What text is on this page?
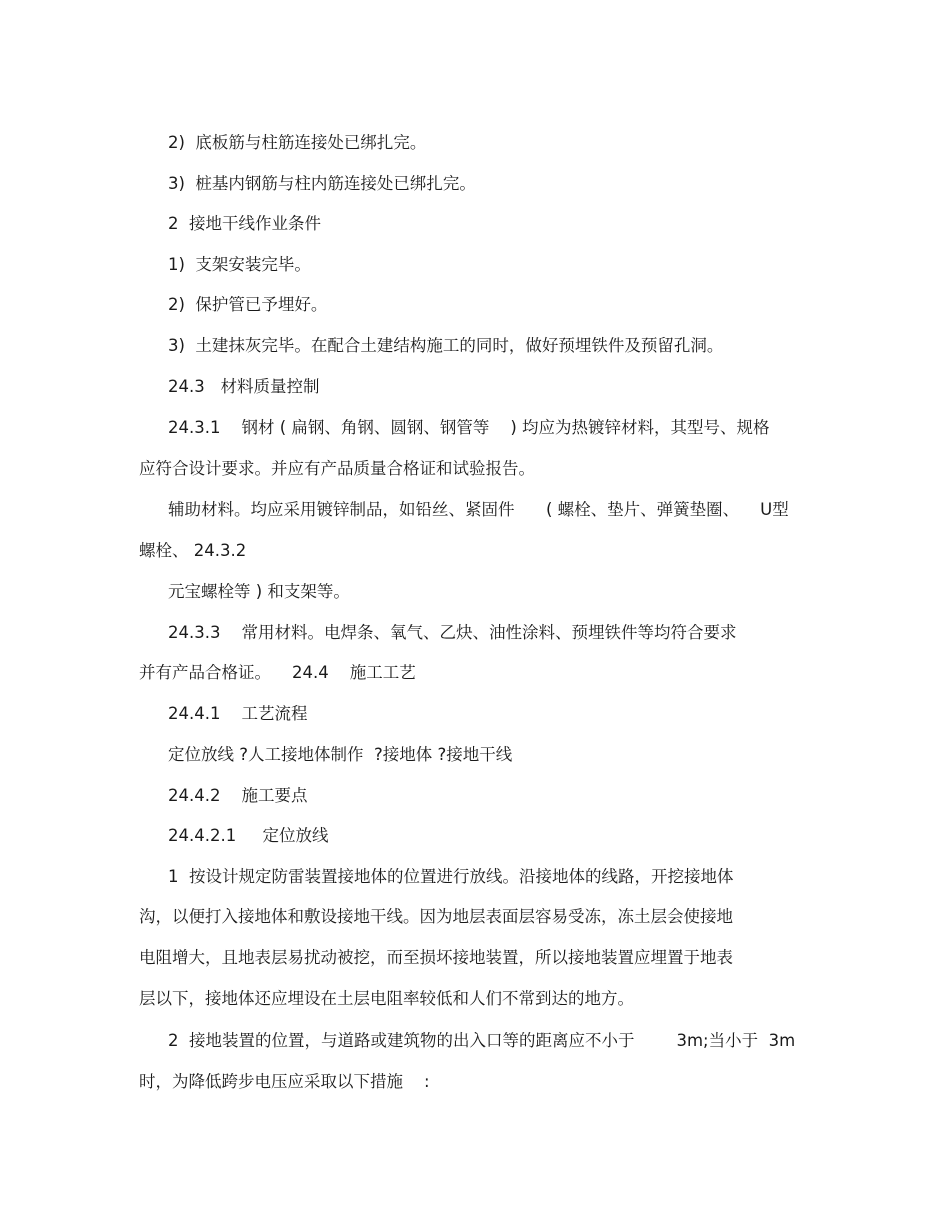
2)  底板筋与柱筋连接处已绑扎完。
3)  桩基内钢筋与柱内筋连接处已绑扎完。
2  接地干线作业条件
1)  支架安装完毕。
2)  保护管已予埋好。
3)  土建抹灰完毕。在配合土建结构施工的同时，做好预埋铁件及预留孔洞。
24.3   材料质量控制
24.3.1    钢材 ( 扁钢、角钢、圆钢、钢管等    ) 均应为热镀锌材料，其型号、规格
应符合设计要求。并应有产品质量合格证和试验报告。
辅助材料。均应采用镀锌制品，如铅丝、紧固件      ( 螺栓、垫片、弹簧垫圈、    U型
螺栓、 24.3.2
元宝螺栓等 ) 和支架等。
24.3.3    常用材料。电焊条、氧气、乙炔、油性涂料、预埋铁件等均符合要求
并有产品合格证。    24.4    施工工艺
24.4.1    工艺流程
定位放线 ?人工接地体制作  ?接地体 ?接地干线
24.4.2    施工要点
24.4.2.1     定位放线
1  按设计规定防雷装置接地体的位置进行放线。沿接地体的线路，开挖接地体
沟，以便打入接地体和敷设接地干线。因为地层表面层容易受冻，冻土层会使接地
电阻增大，且地表层易扰动被挖，而至损坏接地装置，所以接地装置应埋置于地表
层以下，接地体还应埋设在土层电阻率较低和人们不常到达的地方。
2  接地装置的位置，与道路或建筑物的出入口等的距离应不小于        3m;当小于  3m
时，为降低跨步电压应采取以下措施    :
